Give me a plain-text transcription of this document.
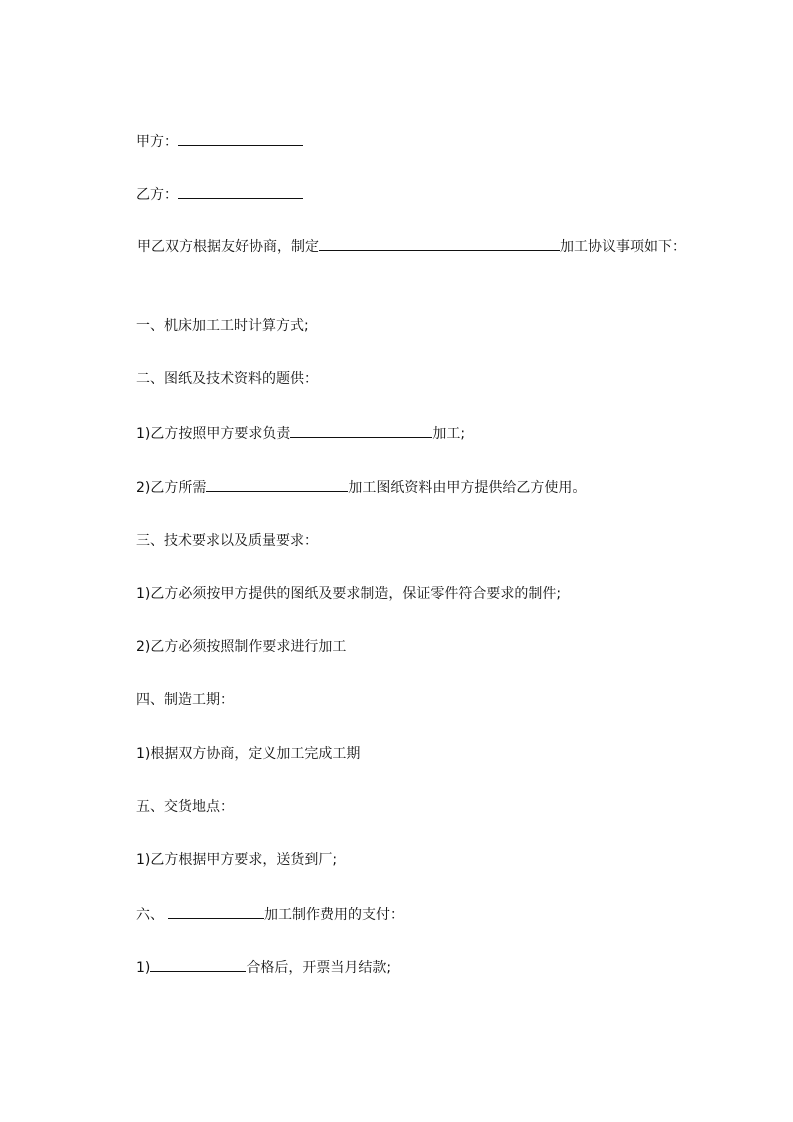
甲方：
乙方：
甲乙双方根据友好协商，制定	加工协议事项如下：
一、机床加工工时计算方式;
二、图纸及技术资料的题供：
1)乙方按照甲方要求负责	加工;
2)乙方所需	加工图纸资料由甲方提供给乙方使用。
三、技术要求以及质量要求：
1)乙方必须按甲方提供的图纸及要求制造，保证零件符合要求的制件;
2)乙方必须按照制作要求进行加工
四、制造工期：
1)根据双方协商，定义加工完成工期
五、交货地点：
1)乙方根据甲方要求，送货到厂;
六、	加工制作费用的支付：
1)	合格后，开票当月结款;
